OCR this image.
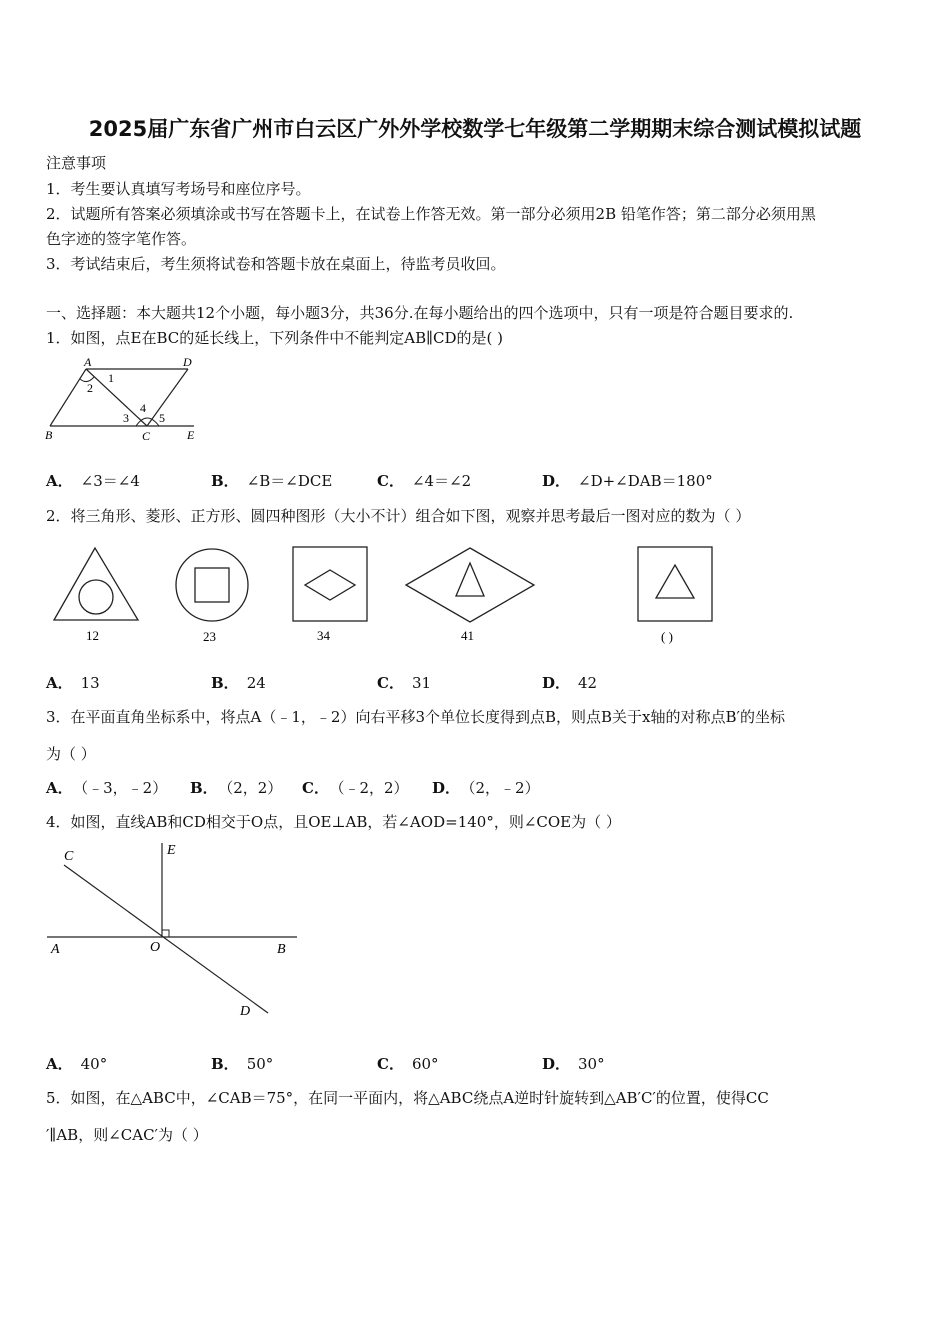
2025届广东省广州市白云区广外外学校数学七年级第二学期期末综合测试模拟试题
注意事项
1．考生要认真填写考场号和座位序号。
2．试题所有答案必须填涂或书写在答题卡上，在试卷上作答无效。第一部分必须用2B 铅笔作答；第二部分必须用黑
色字迹的签字笔作答。
3．考试结束后，考生须将试卷和答题卡放在桌面上，待监考员收回。
一、选择题：本大题共12个小题，每小题3分，共36分.在每小题给出的四个选项中，只有一项是符合题目要求的.
1．如图，点E在BC的延长线上，下列条件中不能判定AB∥CD的是( )
A	D
1
2
3
4
5
B	C	E
A． ∠3＝∠4	B． ∠B＝∠DCE	C． ∠4＝∠2	D． ∠D+∠DAB＝180°
2．将三角形、菱形、正方形、圆四种图形（大小不计）组合如下图，观察并思考最后一图对应的数为（ ）
12	23	34	41	( )
A． 13	B． 24	C． 31	D． 42
3．在平面直角坐标系中，将点A（﹣1，﹣2）向右平移3个单位长度得到点B，则点B关于x轴的对称点B′的坐标
为（ ）
A． （﹣3，﹣2） B． （2，2） C． （﹣2，2） D． （2，﹣2）
4．如图，直线AB和CD相交于O点，且OE⊥AB，若∠AOD=140°，则∠COE为（ ）
C	E
A	O	B
D
A． 40°	B． 50°	C． 60°	D． 30°
5．如图，在△ABC中，∠CAB＝75°，在同一平面内，将△ABC绕点A逆时针旋转到△AB′C′的位置，使得CC
′∥AB，则∠CAC′为（ ）
